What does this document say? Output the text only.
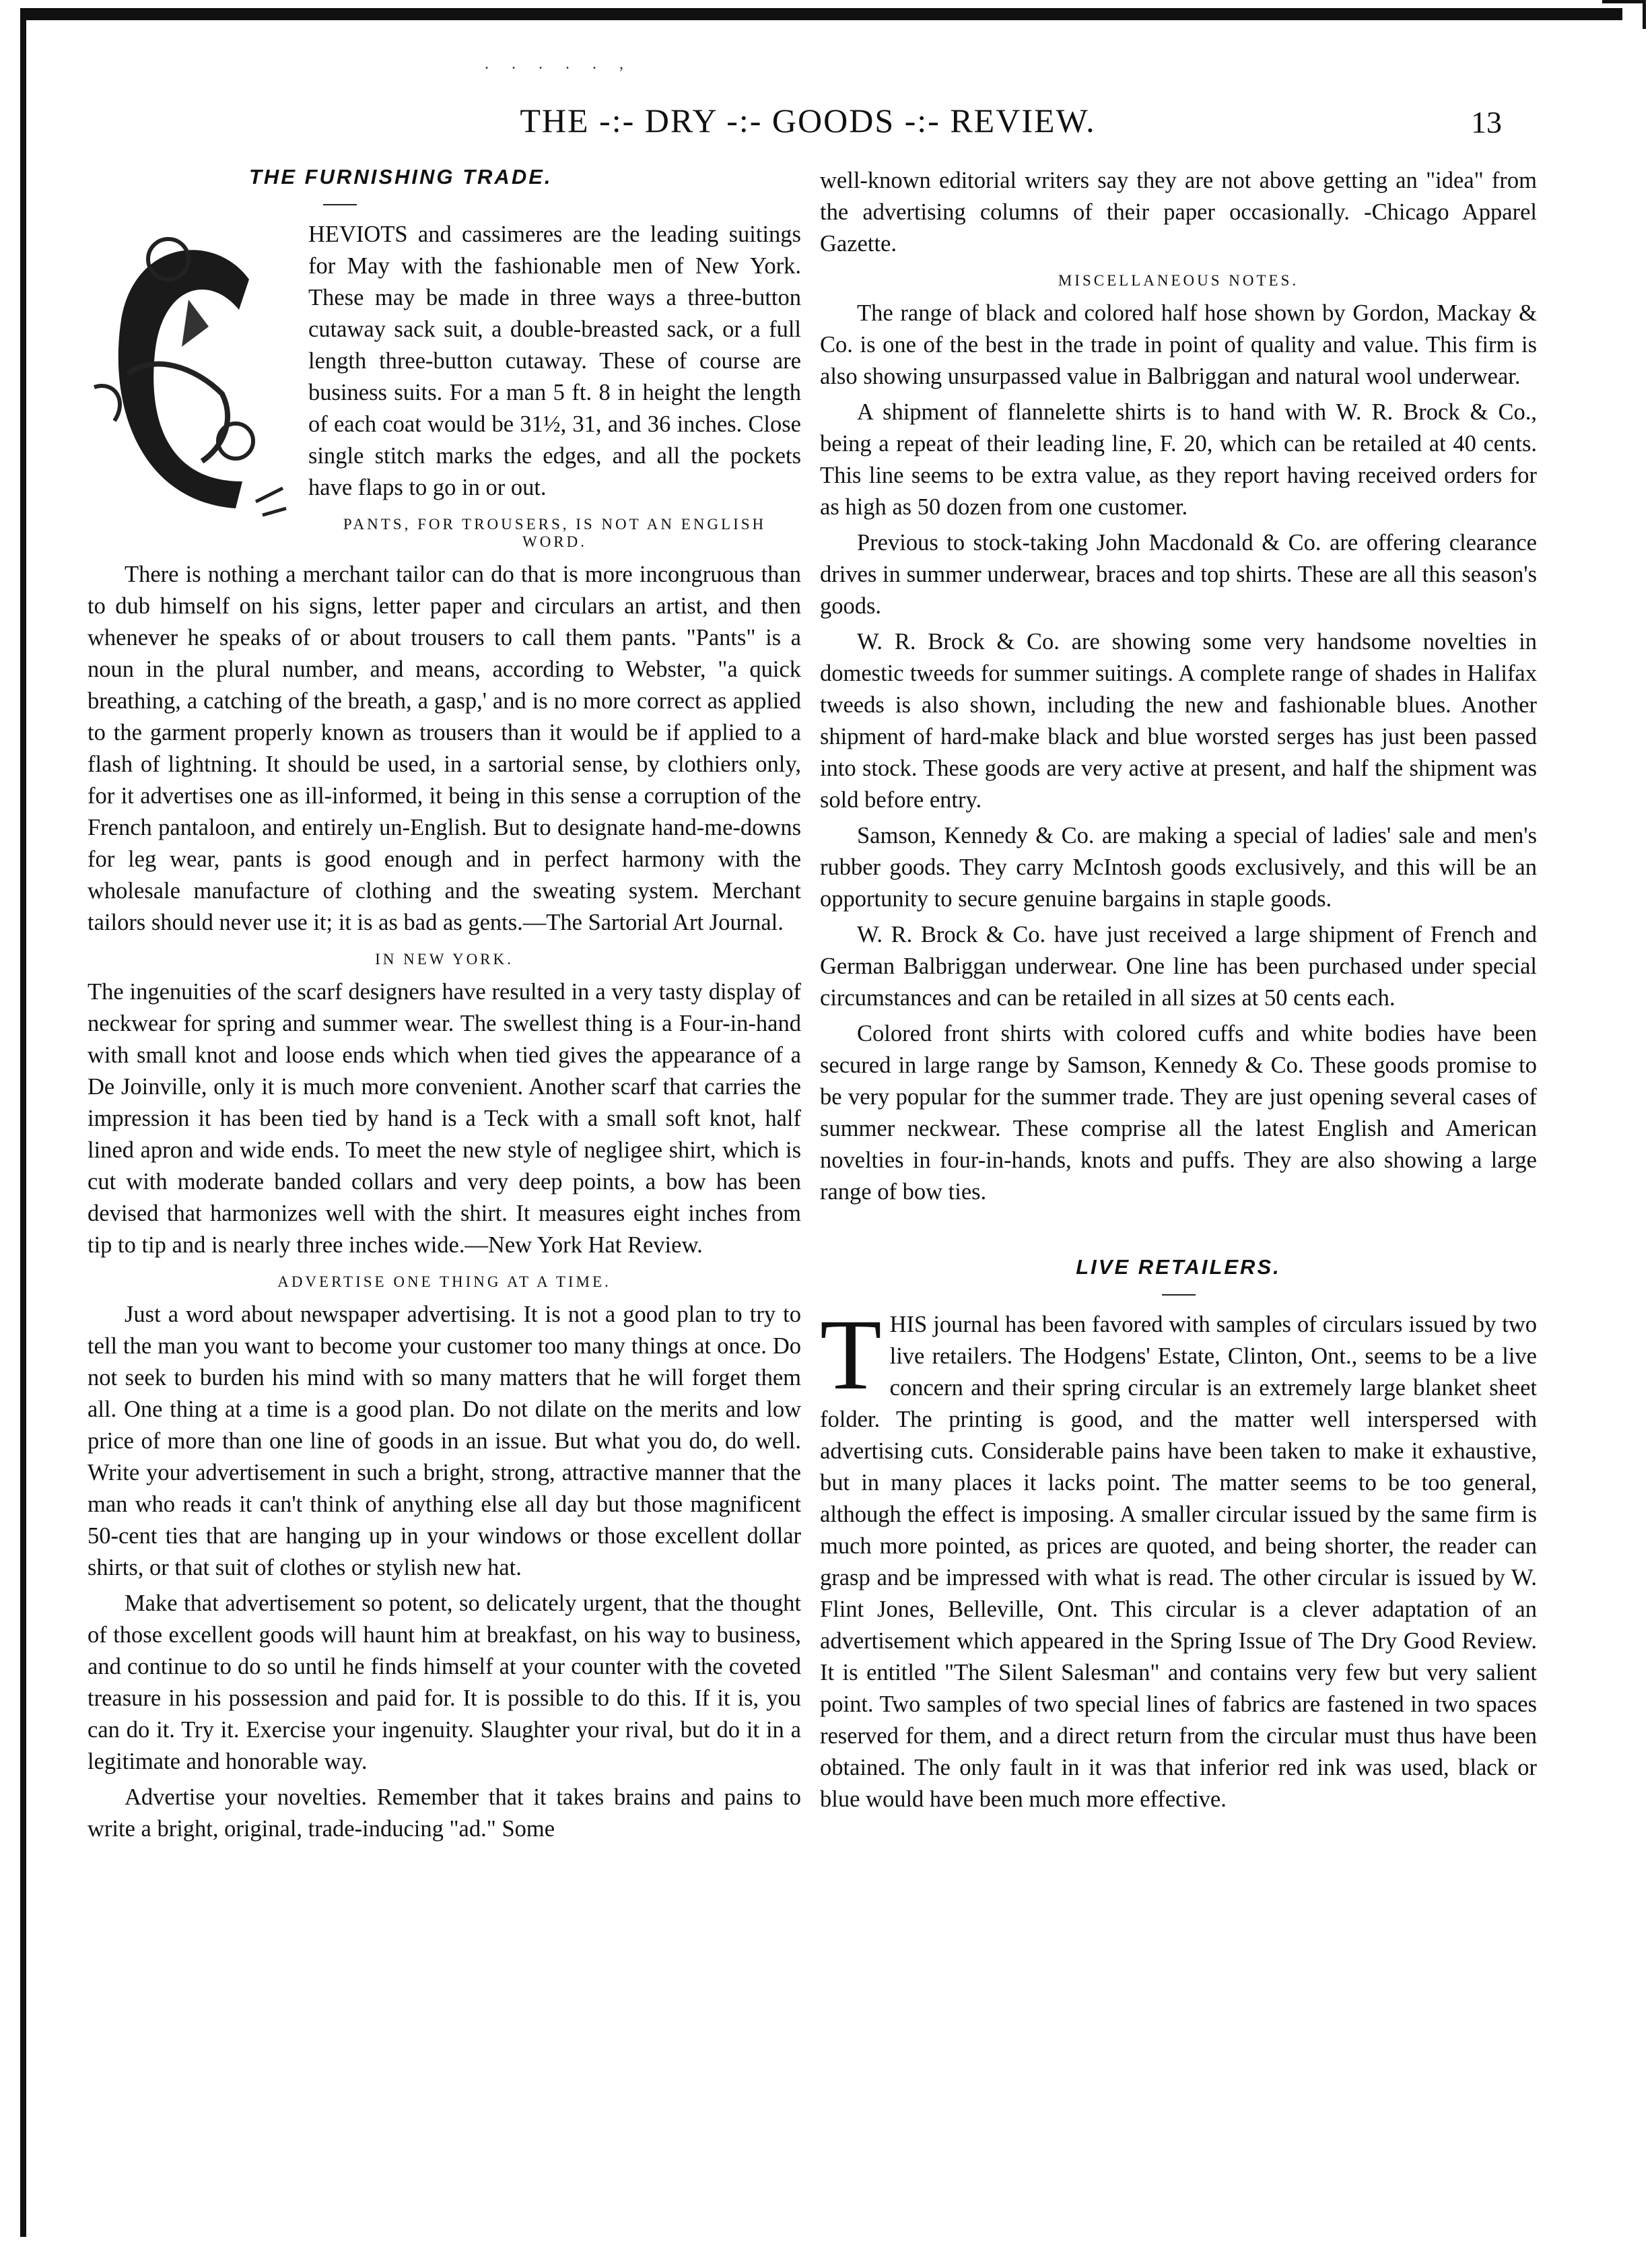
. . . . . ,
THE -:- DRY -:- GOODS -:- REVIEW.	13
THE FURNISHING TRADE.

HEVIOTS and cassimeres are the leading suitings for May with the fashionable men of New York. These may be made in three ways a three-button cutaway sack suit, a double-breasted sack, or a full length three-button cutaway. These of course are business suits. For a man 5 ft. 8 in height the length of each coat would be 31½, 31, and 36 inches. Close single stitch marks the edges, and all the pockets have flaps to go in or out.

PANTS, FOR TROUSERS, IS NOT AN ENGLISH WORD.

There is nothing a merchant tailor can do that is more incongruous than to dub himself on his signs, letter paper and circulars an artist, and then whenever he speaks of or about trousers to call them pants. "Pants" is a noun in the plural number, and means, according to Webster, "a quick breathing, a catching of the breath, a gasp,' and is no more correct as applied to the garment properly known as trousers than it would be if applied to a flash of lightning. It should be used, in a sartorial sense, by clothiers only, for it advertises one as ill-informed, it being in this sense a corruption of the French pantaloon, and entirely un-English. But to designate hand-me-downs for leg wear, pants is good enough and in perfect harmony with the wholesale manufacture of clothing and the sweating system. Merchant tailors should never use it; it is as bad as gents.—The Sartorial Art Journal.

IN NEW YORK.

The ingenuities of the scarf designers have resulted in a very tasty display of neckwear for spring and summer wear. The swellest thing is a Four-in-hand with small knot and loose ends which when tied gives the appearance of a De Joinville, only it is much more convenient. Another scarf that carries the impression it has been tied by hand is a Teck with a small soft knot, half lined apron and wide ends. To meet the new style of negligee shirt, which is cut with moderate banded collars and very deep points, a bow has been devised that harmonizes well with the shirt. It measures eight inches from tip to tip and is nearly three inches wide.—New York Hat Review.

ADVERTISE ONE THING AT A TIME.

Just a word about newspaper advertising. It is not a good plan to try to tell the man you want to become your customer too many things at once. Do not seek to burden his mind with so many matters that he will forget them all. One thing at a time is a good plan. Do not dilate on the merits and low price of more than one line of goods in an issue. But what you do, do well. Write your advertisement in such a bright, strong, attractive manner that the man who reads it can't think of anything else all day but those magnificent 50-cent ties that are hanging up in your windows or those excellent dollar shirts, or that suit of clothes or stylish new hat.

Make that advertisement so potent, so delicately urgent, that the thought of those excellent goods will haunt him at breakfast, on his way to business, and continue to do so until he finds himself at your counter with the coveted treasure in his possession and paid for. It is possible to do this. If it is, you can do it. Try it. Exercise your ingenuity. Slaughter your rival, but do it in a legitimate and honorable way.

Advertise your novelties. Remember that it takes brains and pains to write a bright, original, trade-inducing "ad." Some

well-known editorial writers say they are not above getting an "idea" from the advertising columns of their paper occasionally. -Chicago Apparel Gazette.

MISCELLANEOUS NOTES.

The range of black and colored half hose shown by Gordon, Mackay & Co. is one of the best in the trade in point of quality and value. This firm is also showing unsurpassed value in Balbriggan and natural wool underwear.

A shipment of flannelette shirts is to hand with W. R. Brock & Co., being a repeat of their leading line, F. 20, which can be retailed at 40 cents. This line seems to be extra value, as they report having received orders for as high as 50 dozen from one customer.

Previous to stock-taking John Macdonald & Co. are offering clearance drives in summer underwear, braces and top shirts. These are all this season's goods.

W. R. Brock & Co. are showing some very handsome novelties in domestic tweeds for summer suitings. A complete range of shades in Halifax tweeds is also shown, including the new and fashionable blues. Another shipment of hard-make black and blue worsted serges has just been passed into stock. These goods are very active at present, and half the shipment was sold before entry.

Samson, Kennedy & Co. are making a special of ladies' sale and men's rubber goods. They carry McIntosh goods exclusively, and this will be an opportunity to secure genuine bargains in staple goods.

W. R. Brock & Co. have just received a large shipment of French and German Balbriggan underwear. One line has been purchased under special circumstances and can be retailed in all sizes at 50 cents each.

Colored front shirts with colored cuffs and white bodies have been secured in large range by Samson, Kennedy & Co. These goods promise to be very popular for the summer trade. They are just opening several cases of summer neckwear. These comprise all the latest English and American novelties in four-in-hands, knots and puffs. They are also showing a large range of bow ties.

LIVE RETAILERS.
T HIS journal has been favored with samples of circulars issued by two live retailers. The Hodgens' Estate, Clinton, Ont., seems to be a live concern and their spring circular is an extremely large blanket sheet folder. The printing is good, and the matter well interspersed with advertising cuts. Considerable pains have been taken to make it exhaustive, but in many places it lacks point. The matter seems to be too general, although the effect is imposing. A smaller circular issued by the same firm is much more pointed, as prices are quoted, and being shorter, the reader can grasp and be impressed with what is read. The other circular is issued by W. Flint Jones, Belleville, Ont. This circular is a clever adaptation of an advertisement which appeared in the Spring Issue of The Dry Good Review. It is entitled "The Silent Salesman" and contains very few but very salient point. Two samples of two special lines of fabrics are fastened in two spaces reserved for them, and a direct return from the circular must thus have been obtained. The only fault in it was that inferior red ink was used, black or blue would have been much more effective.
